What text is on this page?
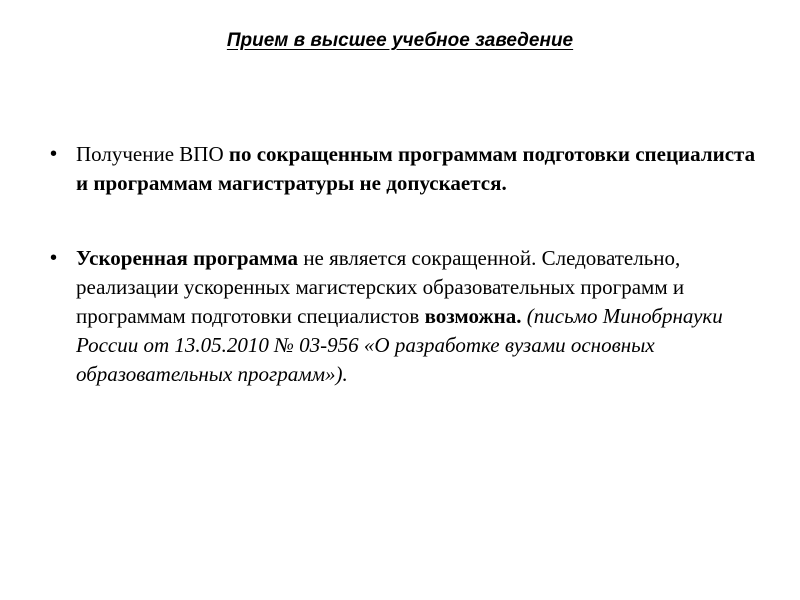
Прием в высшее учебное заведение
• Получение ВПО по сокращенным программам подготовки специалиста и программам магистратуры не допускается.
• Ускоренная программа не является сокращенной. Следовательно, реализации ускоренных магистерских образовательных программ и программам подготовки специалистов возможна. (письмо Минобрнауки России от 13.05.2010 № 03-956 «О разработке вузами основных образовательных программ»).
